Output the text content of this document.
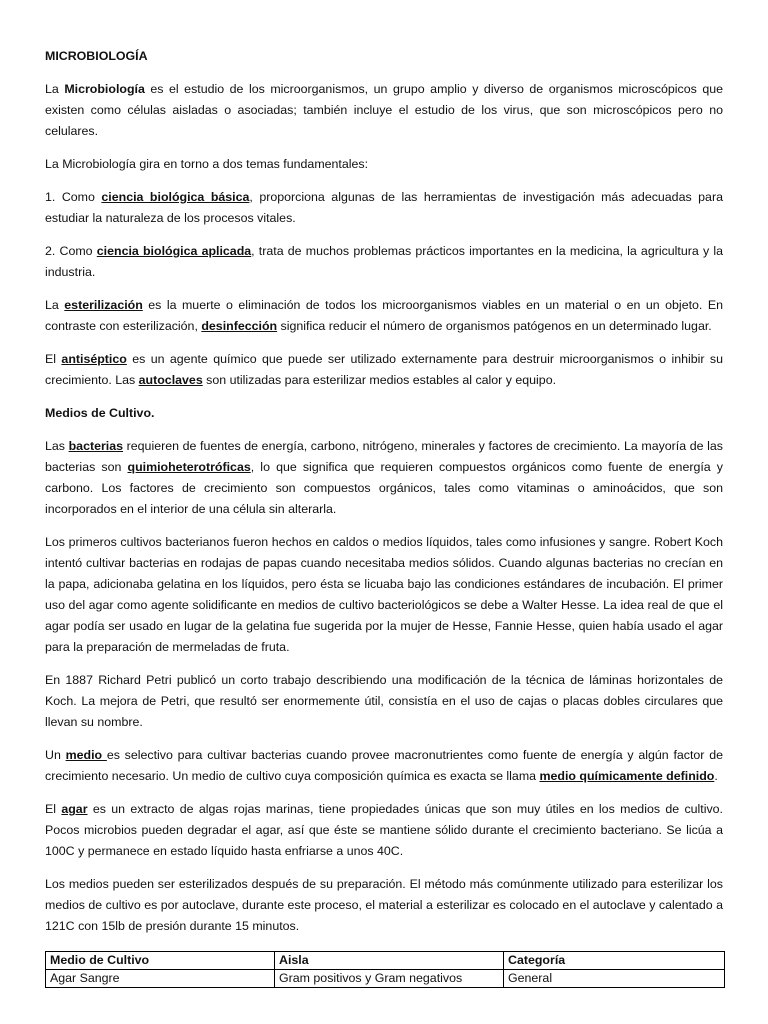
MICROBIOLOGÍA

La Microbiología es el estudio de los microorganismos, un grupo amplio y diverso de organismos microscópicos que existen como células aisladas o asociadas; también incluye el estudio de los virus, que son microscópicos pero no celulares.

La Microbiología gira en torno a dos temas fundamentales:

1. Como ciencia biológica básica, proporciona algunas de las herramientas de investigación más adecuadas para estudiar la naturaleza de los procesos vitales.

2. Como ciencia biológica aplicada, trata de muchos problemas prácticos importantes en la medicina, la agricultura y la industria.

La esterilización es la muerte o eliminación de todos los microorganismos viables en un material o en un objeto. En contraste con esterilización, desinfección significa reducir el número de organismos patógenos en un determinado lugar.

El antiséptico es un agente químico que puede ser utilizado externamente para destruir microorganismos o inhibir su crecimiento. Las autoclaves son utilizadas para esterilizar medios estables al calor y equipo.

Medios de Cultivo.

Las bacterias requieren de fuentes de energía, carbono, nitrógeno, minerales y factores de crecimiento. La mayoría de las bacterias son quimioheterotróficas, lo que significa que requieren compuestos orgánicos como fuente de energía y carbono. Los factores de crecimiento son compuestos orgánicos, tales como vitaminas o aminoácidos, que son incorporados en el interior de una célula sin alterarla.

Los primeros cultivos bacterianos fueron hechos en caldos o medios líquidos, tales como infusiones y sangre. Robert Koch intentó cultivar bacterias en rodajas de papas cuando necesitaba medios sólidos. Cuando algunas bacterias no crecían en la papa, adicionaba gelatina en los líquidos, pero ésta se licuaba bajo las condiciones estándares de incubación. El primer uso del agar como agente solidificante en medios de cultivo bacteriológicos se debe a Walter Hesse. La idea real de que el agar podía ser usado en lugar de la gelatina fue sugerida por la mujer de Hesse, Fannie Hesse, quien había usado el agar para la preparación de mermeladas de fruta.

En 1887 Richard Petri publicó un corto trabajo describiendo una modificación de la técnica de láminas horizontales de Koch. La mejora de Petri, que resultó ser enormemente útil, consistía en el uso de cajas o placas dobles circulares que llevan su nombre.

Un medio es selectivo para cultivar bacterias cuando provee macronutrientes como fuente de energía y algún factor de crecimiento necesario. Un medio de cultivo cuya composición química es exacta se llama medio químicamente definido.

El agar es un extracto de algas rojas marinas, tiene propiedades únicas que son muy útiles en los medios de cultivo. Pocos microbios pueden degradar el agar, así que éste se mantiene sólido durante el crecimiento bacteriano. Se licúa a 100C y permanece en estado líquido hasta enfriarse a unos 40C.

Los medios pueden ser esterilizados después de su preparación. El método más comúnmente utilizado para esterilizar los medios de cultivo es por autoclave, durante este proceso, el material a esterilizar es colocado en el autoclave y calentado a 121C con 15lb de presión durante 15 minutos.

Medio de Cultivo	Aisla	Categoría
Agar Sangre	Gram positivos y Gram negativos	General
